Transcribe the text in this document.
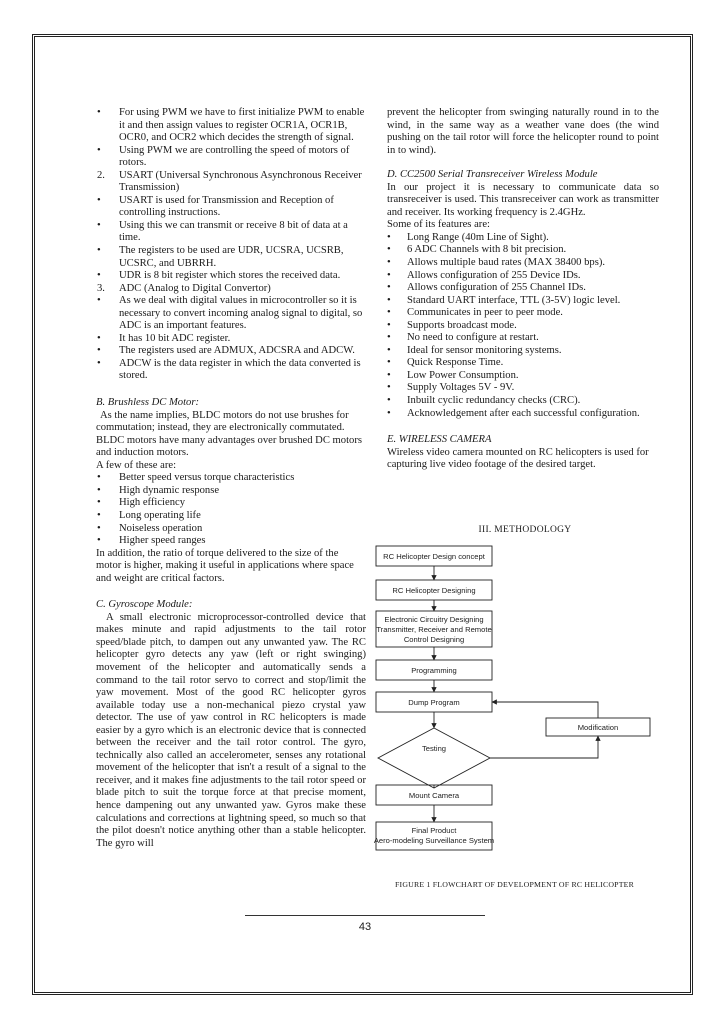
•	For using PWM we have to first initialize PWM to enable it and then assign values to register OCR1A, OCR1B, OCR0, and OCR2 which decides the strength of signal.
•	Using PWM we are controlling the speed of motors of rotors.
2.	USART (Universal Synchronous Asynchronous Receiver Transmission)
•	USART is used for Transmission and Reception of controlling instructions.
•	Using this we can transmit or receive 8 bit of data at a time.
•	The registers to be used are UDR, UCSRA, UCSRB, UCSRC, and UBRRH.
•	UDR is 8 bit register which stores the received data.
3.	ADC (Analog to Digital Convertor)
•	As we deal with digital values in microcontroller so it is necessary to convert incoming analog signal to digital, so ADC is an important features.
•	It has 10 bit ADC register.
•	The registers used are ADMUX, ADCSRA and ADCW.
•	ADCW is the data register in which the data converted is stored.

B. Brushless DC Motor:

As the name implies, BLDC motors do not use brushes for commutation; instead, they are electronically commutated. BLDC motors have many advantages over brushed DC motors and induction motors.

A few of these are:

•	Better speed versus torque characteristics
•	High dynamic response
•	High efficiency
•	Long operating life
•	Noiseless operation
•	Higher speed ranges

In addition, the ratio of torque delivered to the size of the motor is higher, making it useful in applications where space and weight are critical factors.

C. Gyroscope Module:

A small electronic microprocessor-controlled device that makes minute and rapid adjustments to the tail rotor speed/blade pitch, to dampen out any unwanted yaw. The RC helicopter gyro detects any yaw (left or right swinging) movement of the helicopter and automatically sends a command to the tail rotor servo to correct and stop/limit the yaw movement. Most of the good RC helicopter gyros available today use a non-mechanical piezo crystal yaw detector. The use of yaw control in RC helicopters is made easier by a gyro which is an electronic device that is connected between the receiver and the tail rotor control. The gyro, technically also called an accelerometer, senses any rotational movement of the helicopter that isn't a result of a signal to the receiver, and it makes fine adjustments to the tail rotor speed or blade pitch to suit the torque force at that precise moment, hence dampening out any unwanted yaw. Gyros make these calculations and corrections at lightning speed, so much so that the pilot doesn't notice anything other than a stable helicopter. The gyro will

prevent the helicopter from swinging naturally round in to the wind, in the same way as a weather vane does (the wind pushing on the tail rotor will force the helicopter round to point in to wind).

D. CC2500 Serial Transreceiver Wireless Module

In our project it is necessary to communicate data so transreceiver is used. This transreceiver can work as transmitter and receiver. Its working frequency is 2.4GHz.

Some of its features are:

•	Long Range (40m Line of Sight).
•	6 ADC Channels with 8 bit precision.
•	Allows multiple baud rates (MAX 38400 bps).
•	Allows configuration of 255 Device IDs.
•	Allows configuration of 255 Channel IDs.
•	Standard UART interface, TTL (3-5V) logic level.
•	Communicates in peer to peer mode.
•	Supports broadcast mode.
•	No need to configure at restart.
•	Ideal for sensor monitoring systems.
•	Quick Response Time.
•	Low Power Consumption.
•	Supply Voltages 5V - 9V.
•	Inbuilt cyclic redundancy checks (CRC).
•	Acknowledgement after each successful configuration.

E. WIRELESS CAMERA

Wireless video camera mounted on RC helicopters is used for capturing live video footage of the desired target.

III. METHODOLOGY
RC Helicopter Design concept
RC Helicopter Designing
Electronic Circuitry Designing
Transmitter, Receiver and Remote
Control Designing
Programming
Dump Program
Testing
Modification
Mount Camera
Final Product
Aero-modeling Surveillance System
FIGURE 1 FLOWCHART OF DEVELOPMENT OF RC HELICOPTER
43
